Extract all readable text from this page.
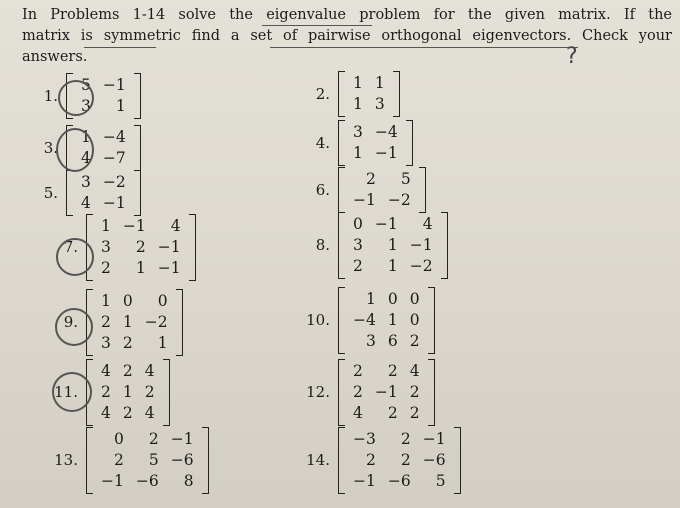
In Problems 1-14 solve the eigenvalue problem for the given matrix. If the
matrix is symmetric find a set of pairwise orthogonal eigenvectors. Check your
answers.	?
1.
5	−1
3	1
2.
1	1
1	3
3.
1	−4
4	−7
4.
3	−4
1	−1
5.
3	−2
4	−1
6.
2	5
−1	−2
7.
1	−1	4
3	2	−1
2	1	−1
8.
0	−1	4
3	1	−1
2	1	−2
9.
1	0	0
2	1	−2
3	2	1
10.
1	0	0
−4	1	0
3	6	2
11.
4	2	4
2	1	2
4	2	4
12.
2	2	4
2	−1	2
4	2	2
13.
0	2	−1
2	5	−6
−1	−6	8
14.
−3	2	−1
2	2	−6
−1	−6	5
